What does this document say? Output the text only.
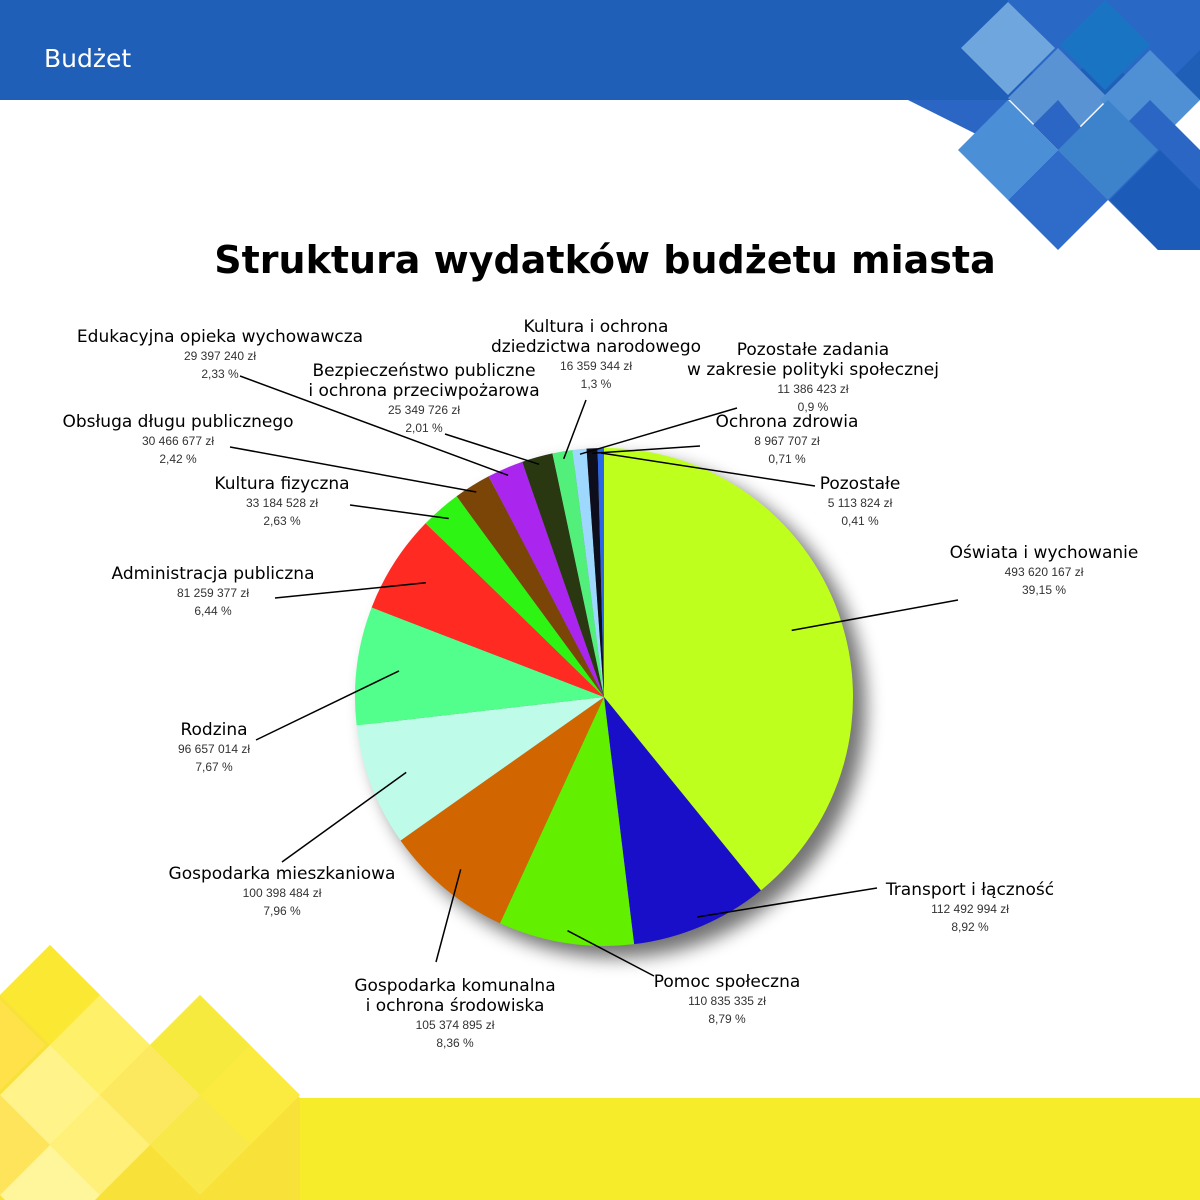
Budżet
Struktura wydatków budżetu miasta
Oświata i wychowanie
493 620 167 zł
39,15 %
Transport i łączność
112 492 994 zł
8,92 %
Pomoc społeczna
110 835 335 zł
8,79 %
Gospodarka komunalna
i ochrona środowiska
105 374 895 zł
8,36 %
Gospodarka mieszkaniowa
100 398 484 zł
7,96 %
Rodzina
96 657 014 zł
7,67 %
Administracja publiczna
81 259 377 zł
6,44 %
Kultura fizyczna
33 184 528 zł
2,63 %
Obsługa długu publicznego
30 466 677 zł
2,42 %
Edukacyjna opieka wychowawcza
29 397 240 zł
2,33 %	Bezpieczeństwo publiczne
i ochrona przeciwpożarowa
25 349 726 zł
2,01 %
Kultura i ochrona
dziedzictwa narodowego
16 359 344 zł
1,3 %
Pozostałe zadania
w zakresie polityki społecznej
11 386 423 zł
0,9 %
Ochrona zdrowia
8 967 707 zł
0,71 %
Pozostałe
5 113 824 zł
0,41 %
